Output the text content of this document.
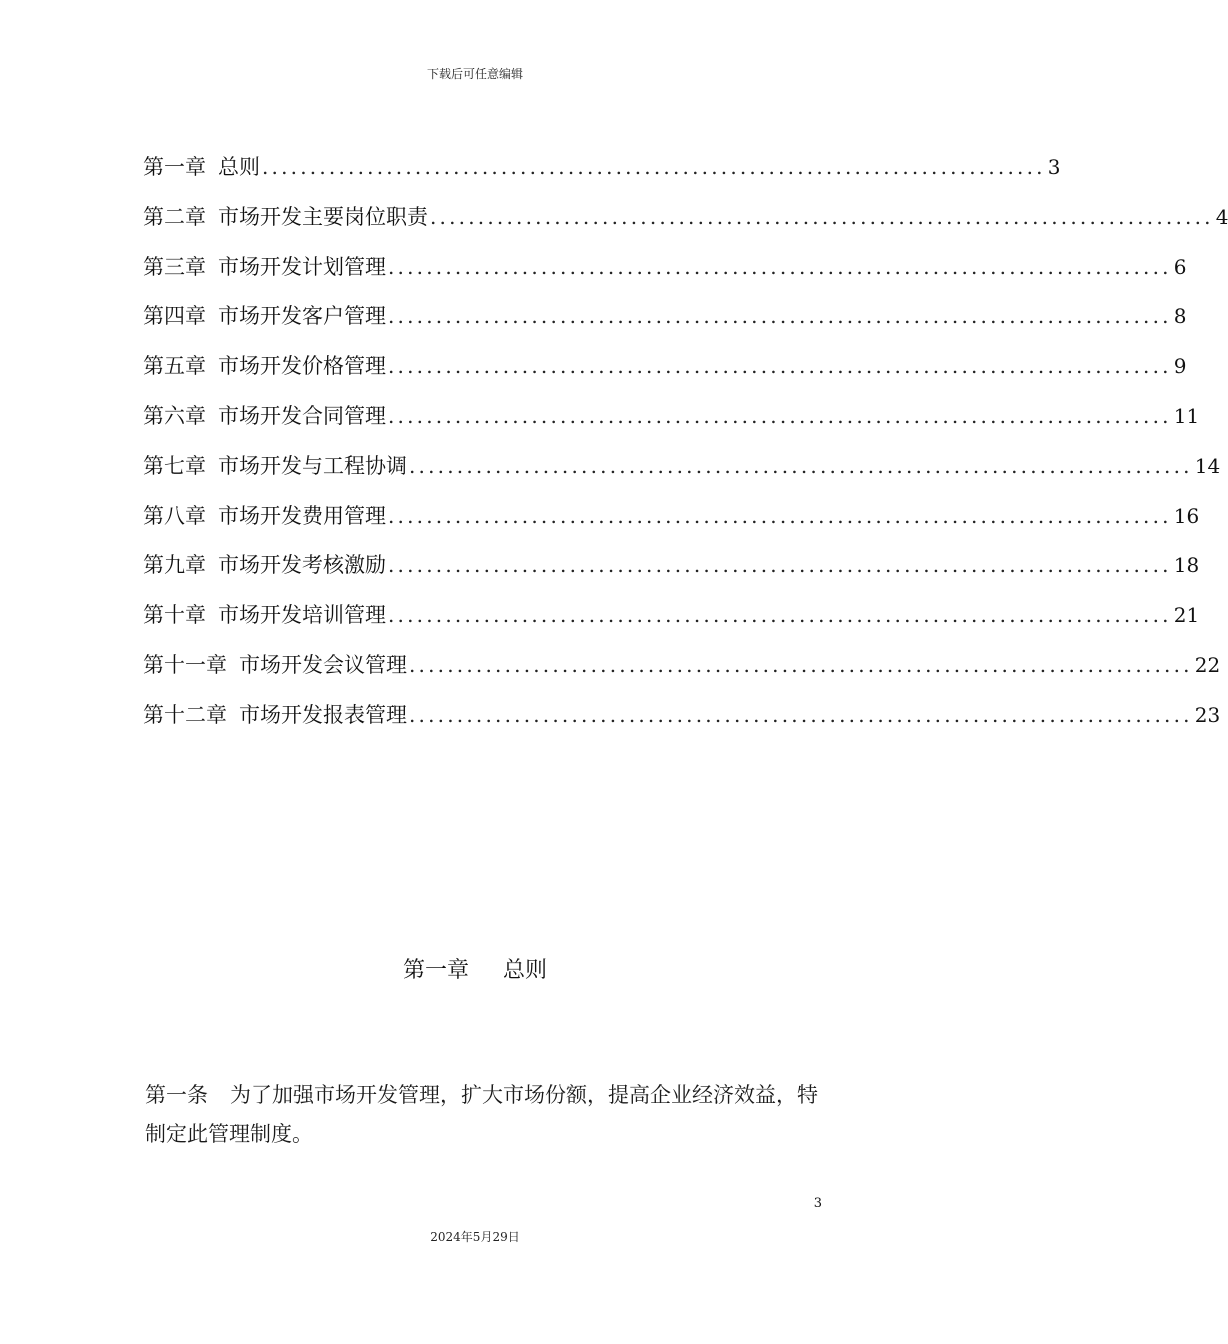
下载后可任意编辑
第一章 总则 .................................................................................. 3
第二章 市场开发主要岗位职责 .................................................................................. 4
第三章 市场开发计划管理 .................................................................................. 6
第四章 市场开发客户管理 .................................................................................. 8
第五章 市场开发价格管理 .................................................................................. 9
第六章 市场开发合同管理 .................................................................................. 11
第七章 市场开发与工程协调 .................................................................................. 14
第八章 市场开发费用管理 .................................................................................. 16
第九章 市场开发考核激励 .................................................................................. 18
第十章 市场开发培训管理 .................................................................................. 21
第十一章 市场开发会议管理 .................................................................................. 22
第十二章 市场开发报表管理 .................................................................................. 23
第一章 总则
第一条 为了加强市场开发管理，扩大市场份额，提高企业经济效益，特制定此管理制度。
3
2024年5月29日
